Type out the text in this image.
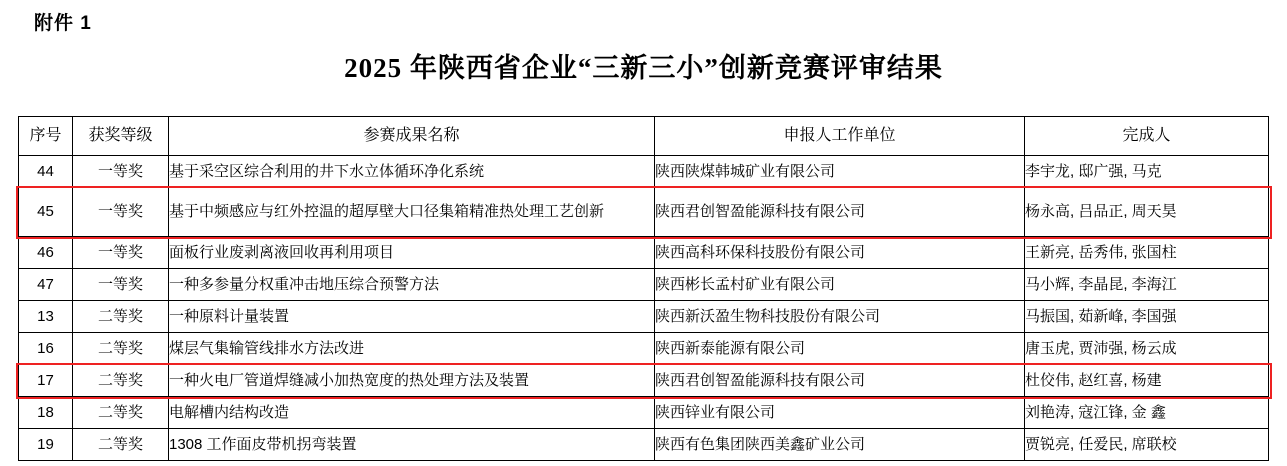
附件 1
2025 年陕西省企业“三新三小”创新竞赛评审结果
序号	获奖等级	参赛成果名称	申报人工作单位	完成人
44	一等奖	基于采空区综合利用的井下水立体循环净化系统	陕西陕煤韩城矿业有限公司	李宇龙, 邸广强, 马克
45	一等奖	基于中频感应与红外控温的超厚壁大口径集箱精准热处理工艺创新	陕西君创智盈能源科技有限公司	杨永高, 吕品正, 周天昊
46	一等奖	面板行业废剥离液回收再利用项目	陕西高科环保科技股份有限公司	王新亮, 岳秀伟, 张国柱
47	一等奖	一种多参量分权重冲击地压综合预警方法	陕西彬长孟村矿业有限公司	马小辉, 李晶昆, 李海江
13	二等奖	一种原料计量装置	陕西新沃盈生物科技股份有限公司	马振国, 茹新峰, 李国强
16	二等奖	煤层气集输管线排水方法改进	陕西新泰能源有限公司	唐玉虎, 贾沛强, 杨云成
17	二等奖	一种火电厂管道焊缝减小加热宽度的热处理方法及装置	陕西君创智盈能源科技有限公司	杜佼伟, 赵红喜, 杨建
18	二等奖	电解槽内结构改造	陕西锌业有限公司	刘艳涛, 寇江锋, 金 鑫
19	二等奖	1308 工作面皮带机拐弯装置	陕西有色集团陕西美鑫矿业公司	贾锐亮, 任爱民, 席联校
